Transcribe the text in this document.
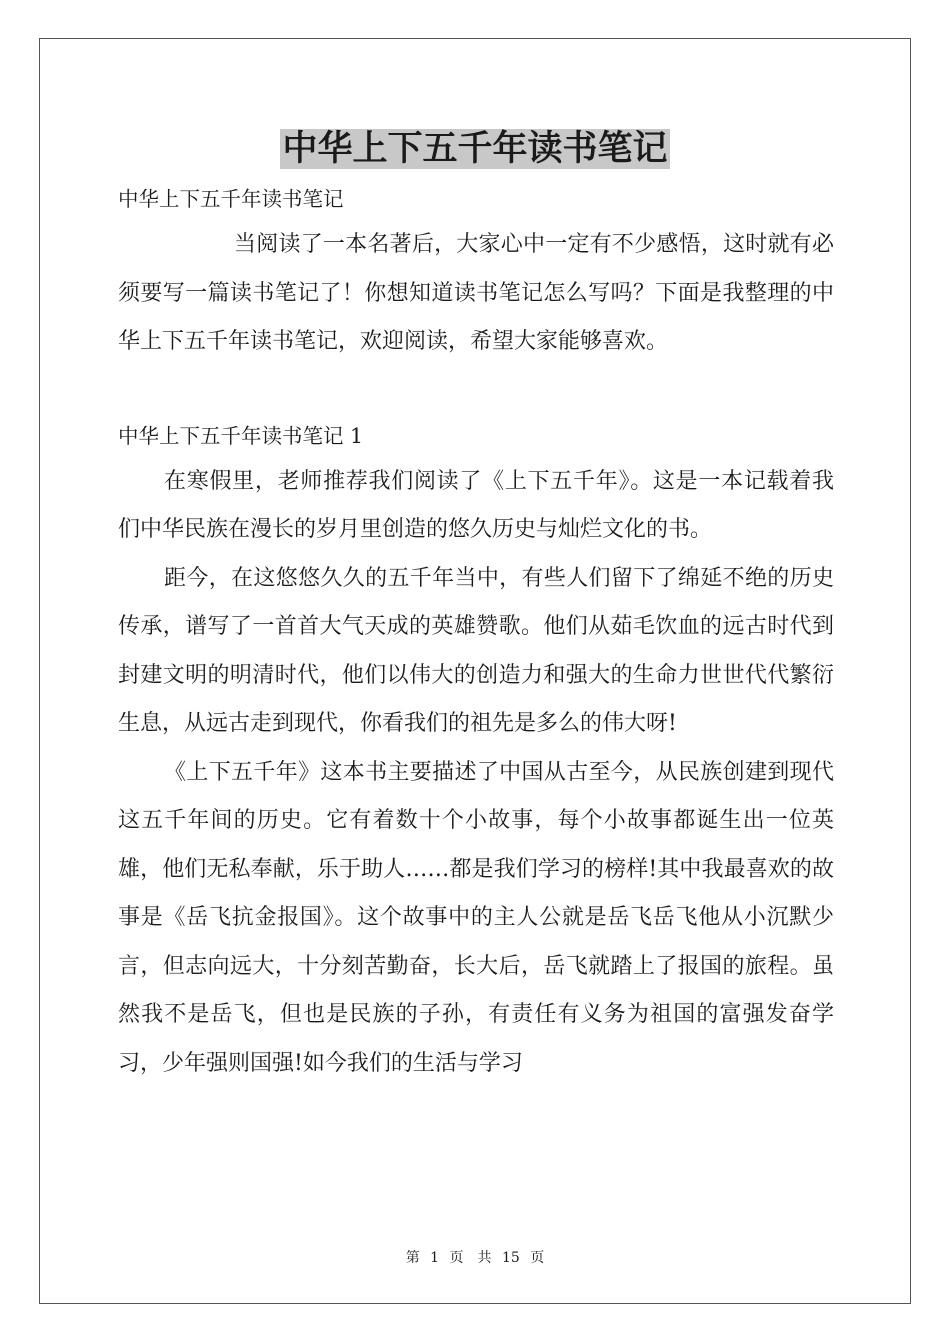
中华上下五千年读书笔记

中华上下五千年读书笔记

当阅读了一本名著后，大家心中一定有不少感悟，这时就有必须要写一篇读书笔记了！你想知道读书笔记怎么写吗？下面是我整理的中华上下五千年读书笔记，欢迎阅读，希望大家能够喜欢。

中华上下五千年读书笔记 1

在寒假里，老师推荐我们阅读了《上下五千年》。这是一本记载着我们中华民族在漫长的岁月里创造的悠久历史与灿烂文化的书。

距今，在这悠悠久久的五千年当中，有些人们留下了绵延不绝的历史传承，谱写了一首首大气天成的英雄赞歌。他们从茹毛饮血的远古时代到封建文明的明清时代，他们以伟大的创造力和强大的生命力世世代代繁衍生息，从远古走到现代，你看我们的祖先是多么的伟大呀!

《上下五千年》这本书主要描述了中国从古至今，从民族创建到现代这五千年间的历史。它有着数十个小故事，每个小故事都诞生出一位英雄，他们无私奉献，乐于助人……都是我们学习的榜样!其中我最喜欢的故事是《岳飞抗金报国》。这个故事中的主人公就是岳飞岳飞他从小沉默少言，但志向远大，十分刻苦勤奋，长大后，岳飞就踏上了报国的旅程。虽然我不是岳飞，但也是民族的子孙，有责任有义务为祖国的富强发奋学习，少年强则国强!如今我们的生活与学习

第 1 页　共 15 页
